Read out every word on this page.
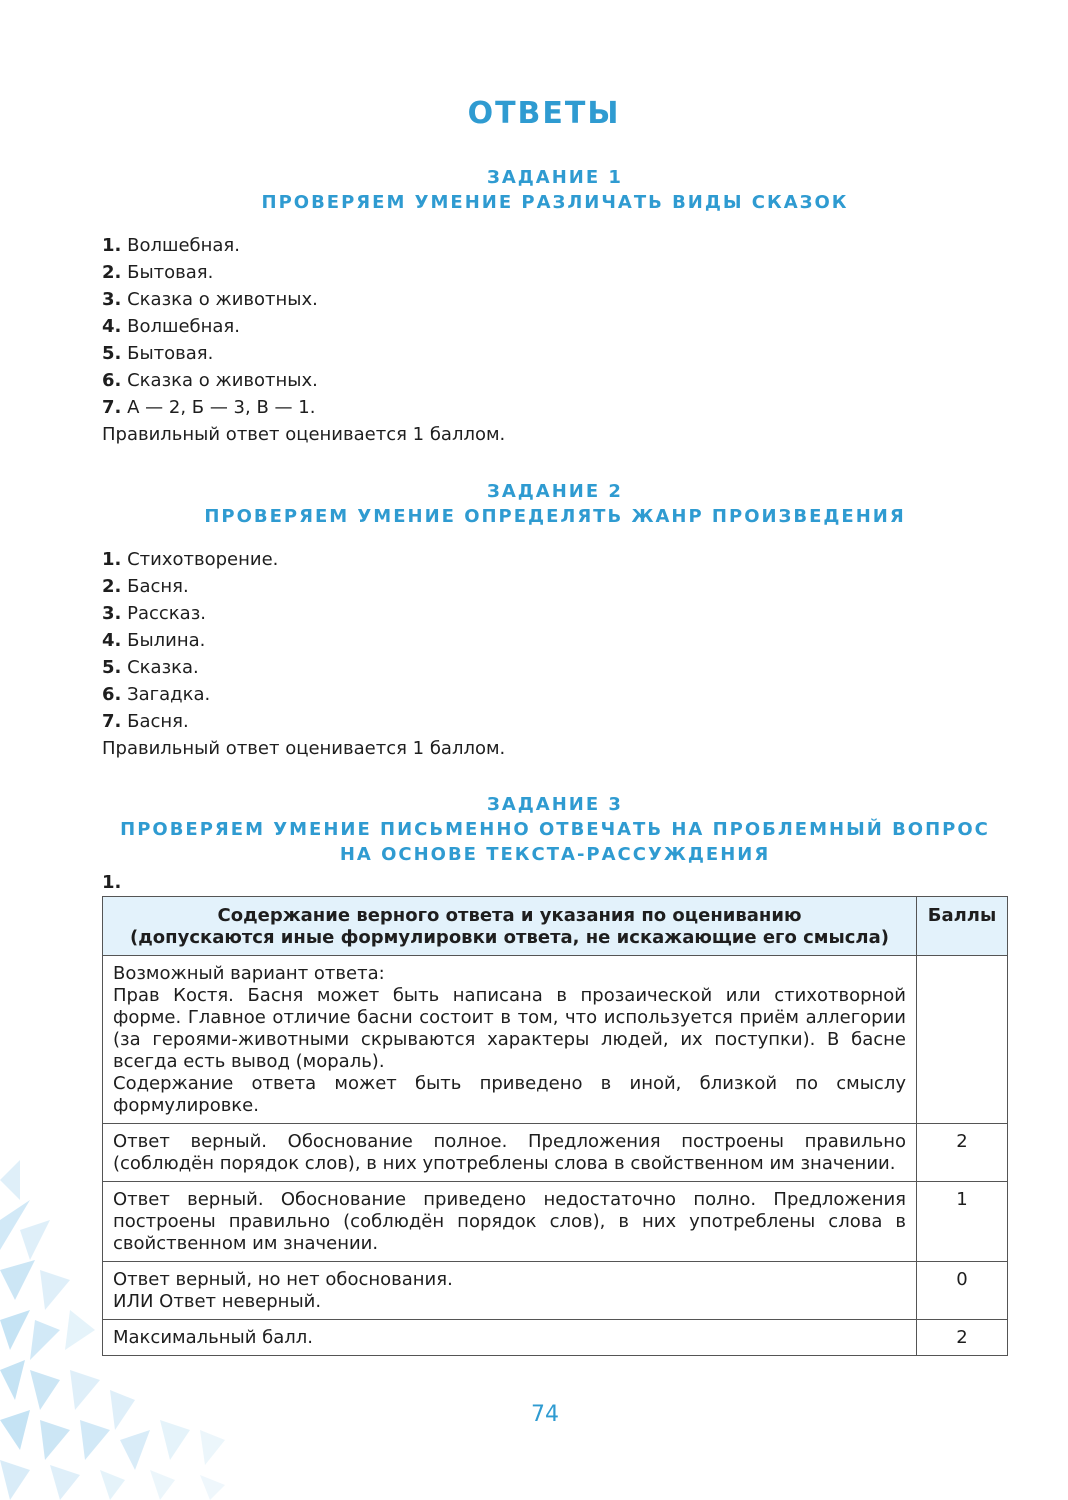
ОТВЕТЫ
ЗАДАНИЕ 1
ПРОВЕРЯЕМ УМЕНИЕ РАЗЛИЧАТЬ ВИДЫ СКАЗОК
1. Волшебная.
2. Бытовая.
3. Сказка о животных.
4. Волшебная.
5. Бытовая.
6. Сказка о животных.
7. А — 2, Б — 3, В — 1.
Правильный ответ оценивается 1 баллом.
ЗАДАНИЕ 2
ПРОВЕРЯЕМ УМЕНИЕ ОПРЕДЕЛЯТЬ ЖАНР ПРОИЗВЕДЕНИЯ
1. Стихотворение.
2. Басня.
3. Рассказ.
4. Былина.
5. Сказка.
6. Загадка.
7. Басня.
Правильный ответ оценивается 1 баллом.
ЗАДАНИЕ 3
ПРОВЕРЯЕМ УМЕНИЕ ПИСЬМЕННО ОТВЕЧАТЬ НА ПРОБЛЕМНЫЙ ВОПРОС
НА ОСНОВЕ ТЕКСТА-РАССУЖДЕНИЯ
1.
Содержание верного ответа и указания по оцениванию
(допускаются иные формулировки ответа, не искажающие его смысла)	Баллы

Возможный вариант ответа:
Прав Костя. Басня может быть написана в прозаической или стихотворной форме. Главное отличие басни состоит в том, что используется приём аллегории (за героями-животными скрываются характеры людей, их поступки). В басне всегда есть вывод (мораль).
Содержание ответа может быть приведено в иной, близкой по смыслу формулировке.	

Ответ верный. Обоснование полное. Предложения построены правильно (соблюдён порядок слов), в них употреблены слова в свойственном им значении.	2
Ответ верный. Обоснование приведено недостаточно полно. Предложения построены правильно (соблюдён порядок слов), в них употреблены слова в свойственном им значении.	1

Ответ верный, но нет обоснования.
ИЛИ Ответ неверный.	0
Максимальный балл.	2
74
